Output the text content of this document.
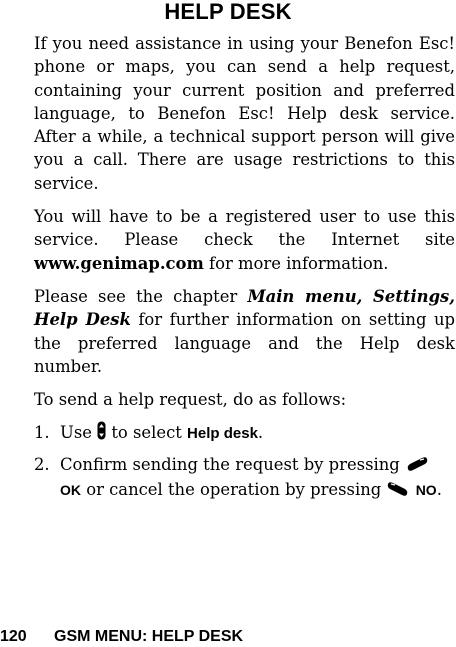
HELP DESK

If you need assistance in using your Benefon Esc! phone or maps, you can send a help request, containing your current position and preferred language, to Benefon Esc! Help desk service. After a while, a technical support person will give you a call. There are usage restrictions to this service.

You will have to be a registered user to use this service. Please check the Internet site www.genimap.com for more information.

Please see the chapter Main menu, Settings, Help Desk for further information on setting up the preferred language and the Help desk number.

To send a help request, do as follows:

1. Use  to select Help desk.
2. Confirm sending the request by pressing  OK or cancel the operation by pressing  NO.
120 GSM MENU: HELP DESK
